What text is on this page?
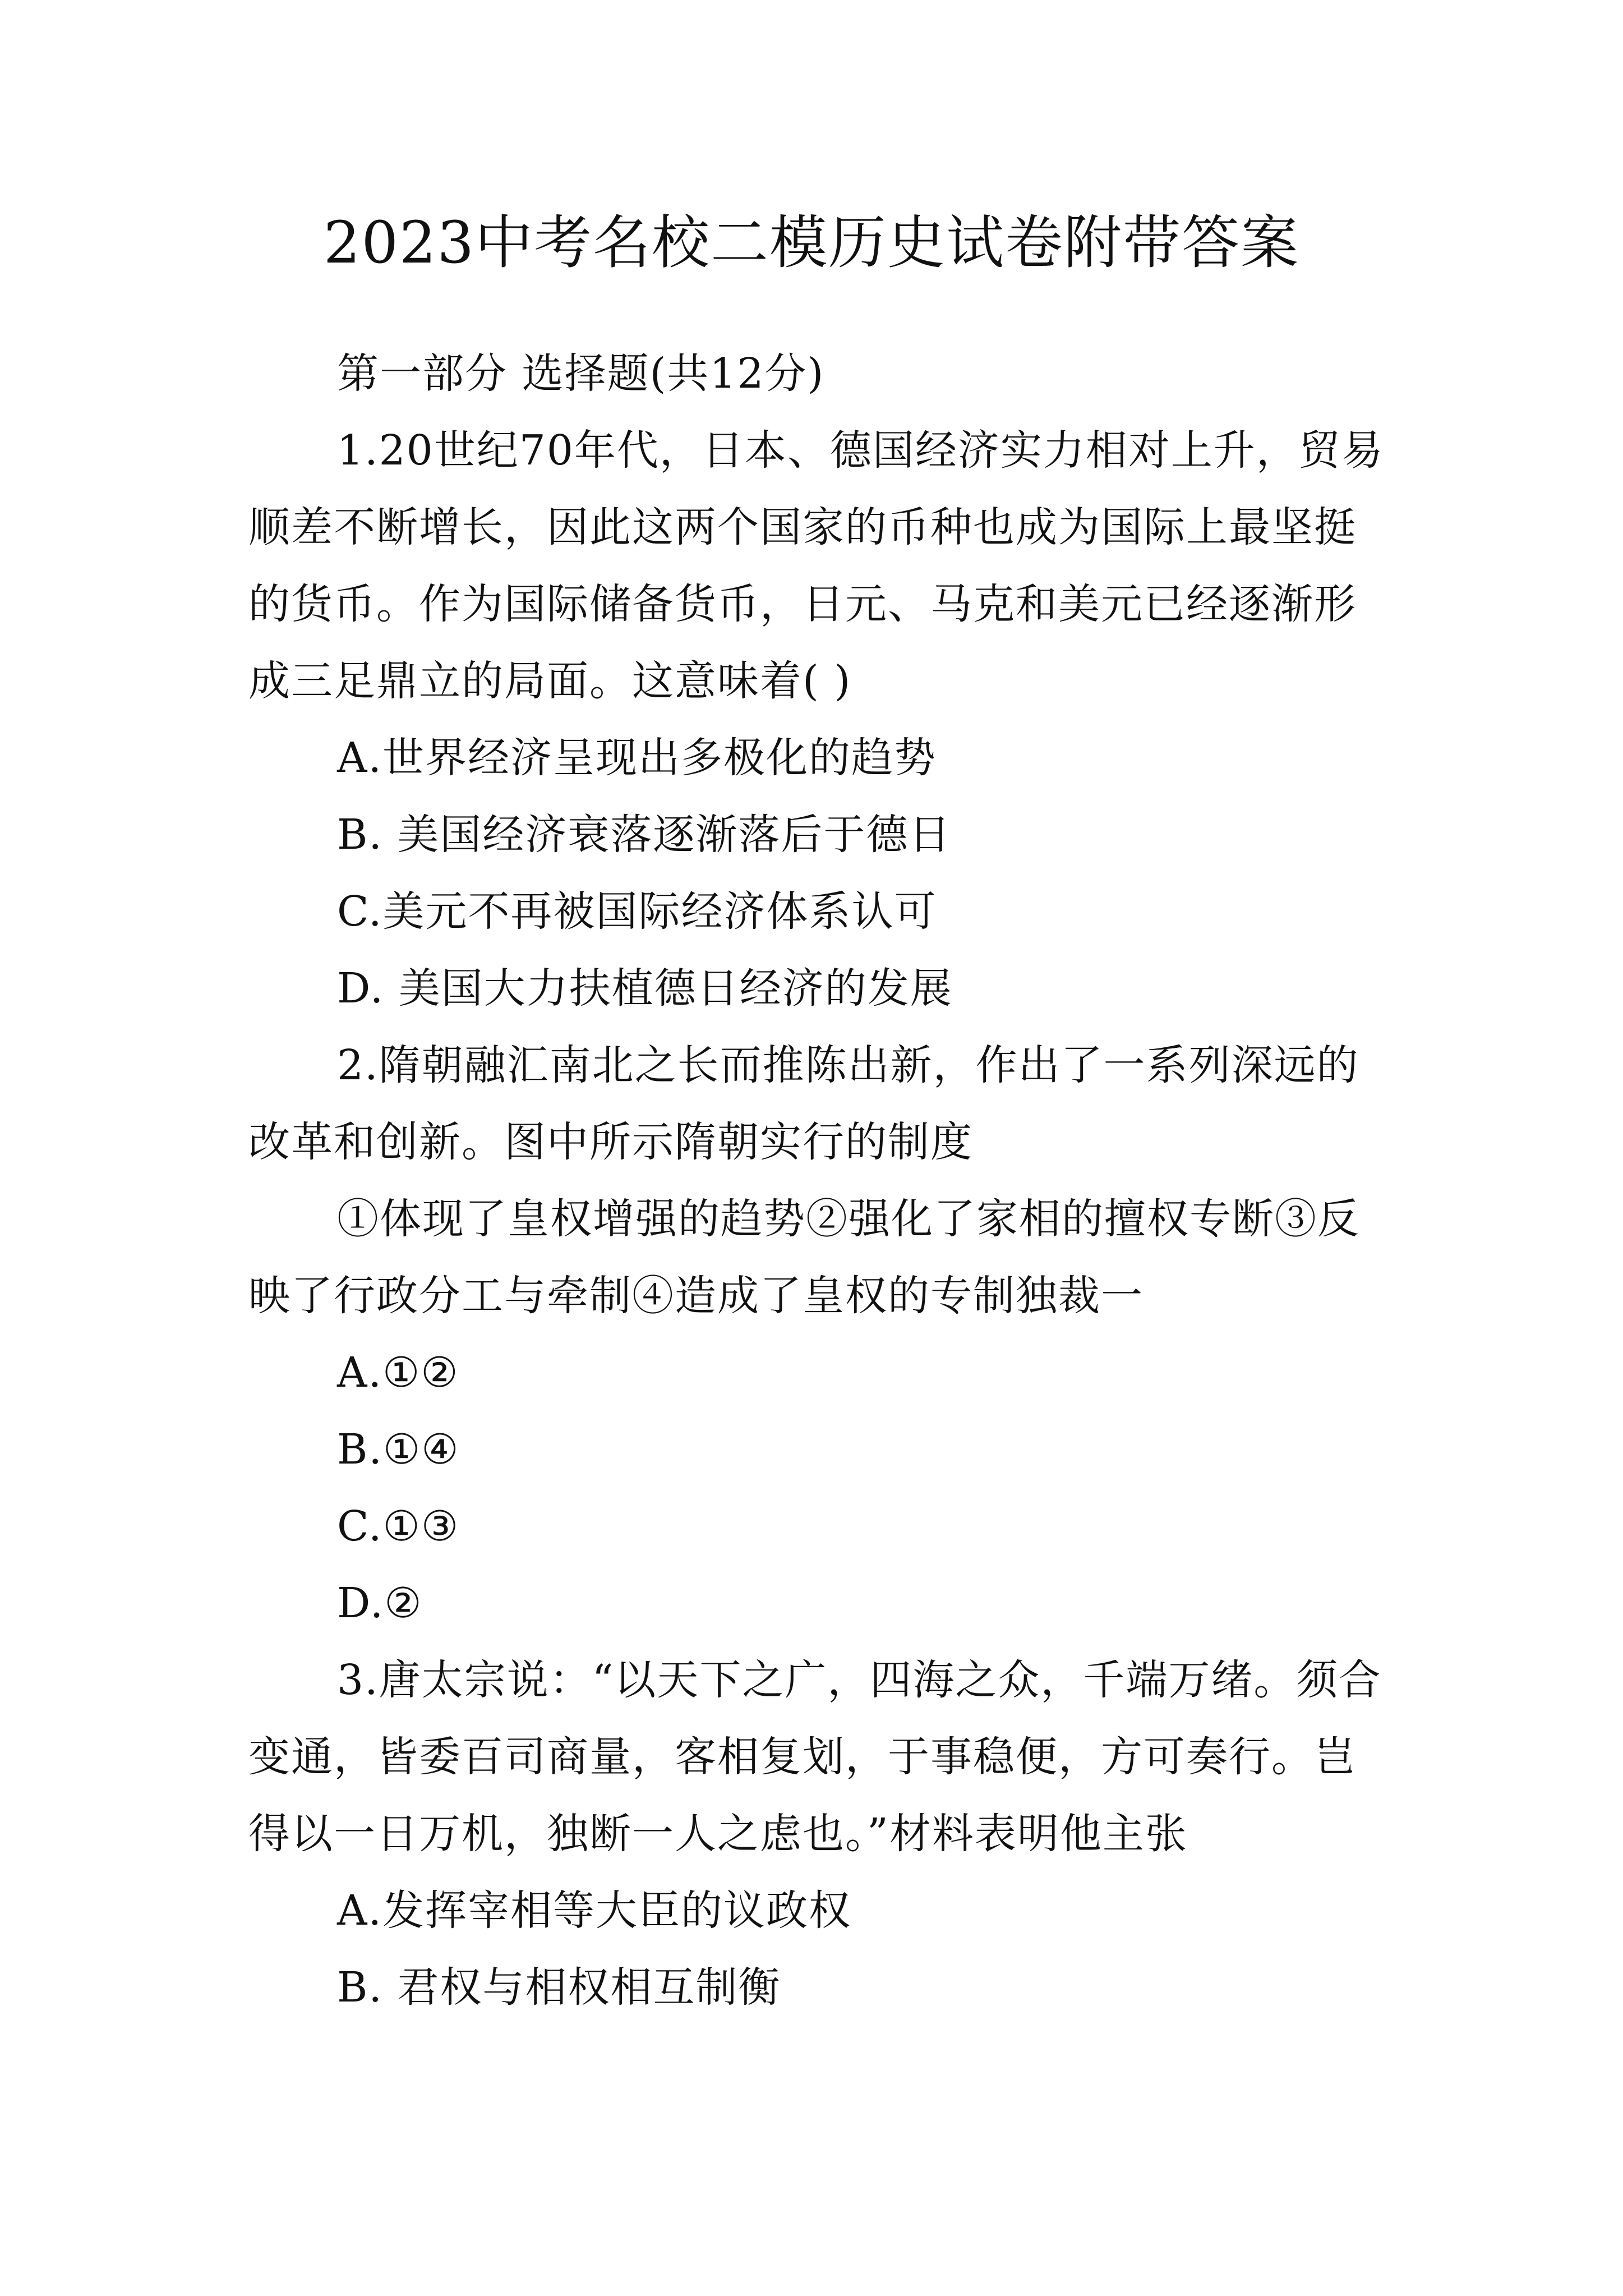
2023中考名校二模历史试卷附带答案

第一部分 选择题(共12分)

1.20世纪70年代，日本、德国经济实力相对上升，贸易顺差不断增长，因此这两个国家的币种也成为国际上最坚挺的货币。作为国际储备货币，日元、马克和美元已经逐渐形成三足鼎立的局面。这意味着( )

A.世界经济呈现出多极化的趋势

B. 美国经济衰落逐渐落后于德日

C.美元不再被国际经济体系认可

D. 美国大力扶植德日经济的发展

2.隋朝融汇南北之长而推陈出新，作出了一系列深远的改革和创新。图中所示隋朝实行的制度

①体现了皇权增强的趋势②强化了家相的擅权专断③反映了行政分工与牵制④造成了皇权的专制独裁一

A.①②

B.①④

C.①③

D.②

3.唐太宗说：“以天下之广，四海之众，千端万绪。须合变通，皆委百司商量，客相复划，于事稳便，方可奏行。岂得以一日万机，独断一人之虑也。”材料表明他主张

A.发挥宰相等大臣的议政权

B. 君权与相权相互制衡
